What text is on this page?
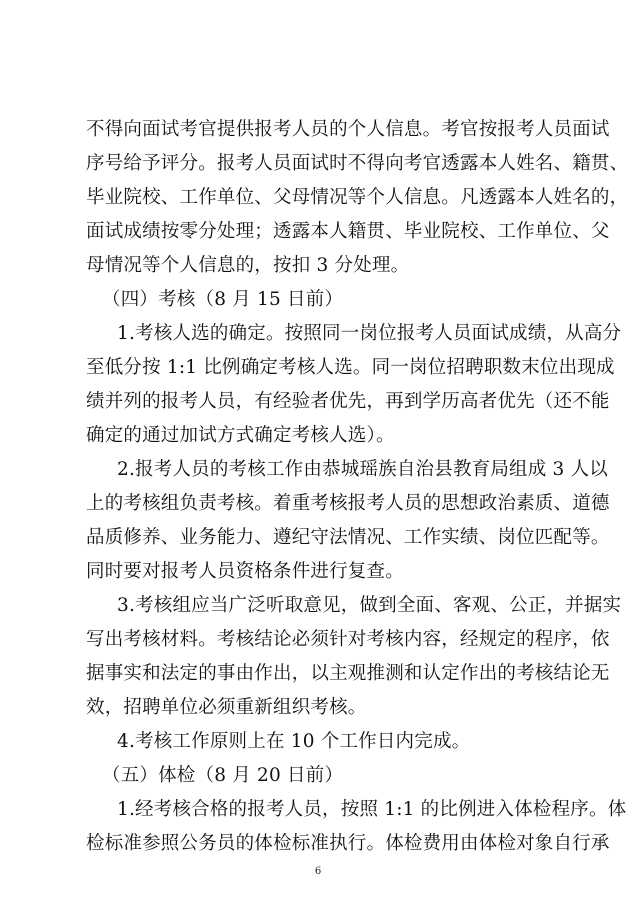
不得向面试考官提供报考人员的个人信息。考官按报考人员面试
序号给予评分。报考人员面试时不得向考官透露本人姓名、籍贯、
毕业院校、工作单位、父母情况等个人信息。凡透露本人姓名的，
面试成绩按零分处理；透露本人籍贯、毕业院校、工作单位、父
母情况等个人信息的，按扣 3 分处理。
（四）考核（8 月 15 日前）
1.考核人选的确定。按照同一岗位报考人员面试成绩，从高分
至低分按 1:1 比例确定考核人选。同一岗位招聘职数末位出现成
绩并列的报考人员，有经验者优先，再到学历高者优先（还不能
确定的通过加试方式确定考核人选）。
2.报考人员的考核工作由恭城瑶族自治县教育局组成 3 人以
上的考核组负责考核。着重考核报考人员的思想政治素质、道德
品质修养、业务能力、遵纪守法情况、工作实绩、岗位匹配等。
同时要对报考人员资格条件进行复查。
3.考核组应当广泛听取意见，做到全面、客观、公正，并据实
写出考核材料。考核结论必须针对考核内容，经规定的程序，依
据事实和法定的事由作出，以主观推测和认定作出的考核结论无
效，招聘单位必须重新组织考核。
4.考核工作原则上在 10 个工作日内完成。
（五）体检（8 月 20 日前）
1.经考核合格的报考人员，按照 1:1 的比例进入体检程序。体
检标准参照公务员的体检标准执行。体检费用由体检对象自行承
6
